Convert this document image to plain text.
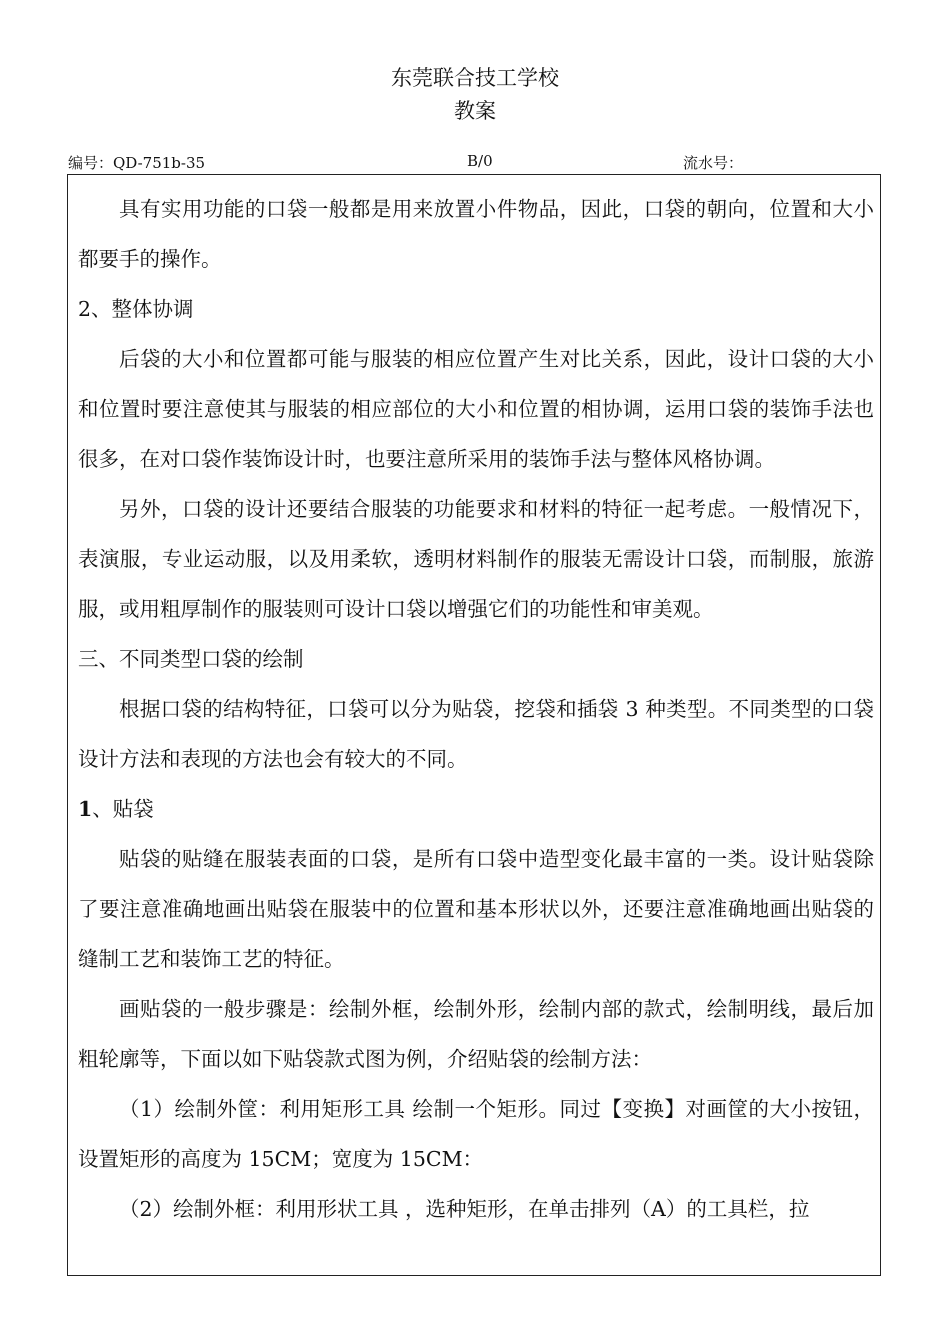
东莞联合技工学校
教案
编号：QD-751b-35	B/0	流水号：

具有实用功能的口袋一般都是用来放置小件物品，因此，口袋的朝向，位置和大小都要手的操作。

2、整体协调

后袋的大小和位置都可能与服装的相应位置产生对比关系，因此，设计口袋的大小和位置时要注意使其与服装的相应部位的大小和位置的相协调，运用口袋的装饰手法也很多，在对口袋作装饰设计时，也要注意所采用的装饰手法与整体风格协调。

另外，口袋的设计还要结合服装的功能要求和材料的特征一起考虑。一般情况下，表演服，专业运动服，以及用柔软，透明材料制作的服装无需设计口袋，而制服，旅游服，或用粗厚制作的服装则可设计口袋以增强它们的功能性和审美观。

三、不同类型口袋的绘制

根据口袋的结构特征，口袋可以分为贴袋，挖袋和插袋 3 种类型。不同类型的口袋设计方法和表现的方法也会有较大的不同。

1、贴袋

贴袋的贴缝在服装表面的口袋，是所有口袋中造型变化最丰富的一类。设计贴袋除了要注意准确地画出贴袋在服装中的位置和基本形状以外，还要注意准确地画出贴袋的缝制工艺和装饰工艺的特征。

画贴袋的一般步骤是：绘制外框，绘制外形，绘制内部的款式，绘制明线，最后加粗轮廓等，下面以如下贴袋款式图为例，介绍贴袋的绘制方法：

（1）绘制外筐：利用矩形工具 绘制一个矩形。同过【变换】对画筐的大小按钮，设置矩形的高度为 15CM；宽度为 15CM：

（2）绘制外框：利用形状工具 ，选种矩形，在单击排列（A）的工具栏，拉
